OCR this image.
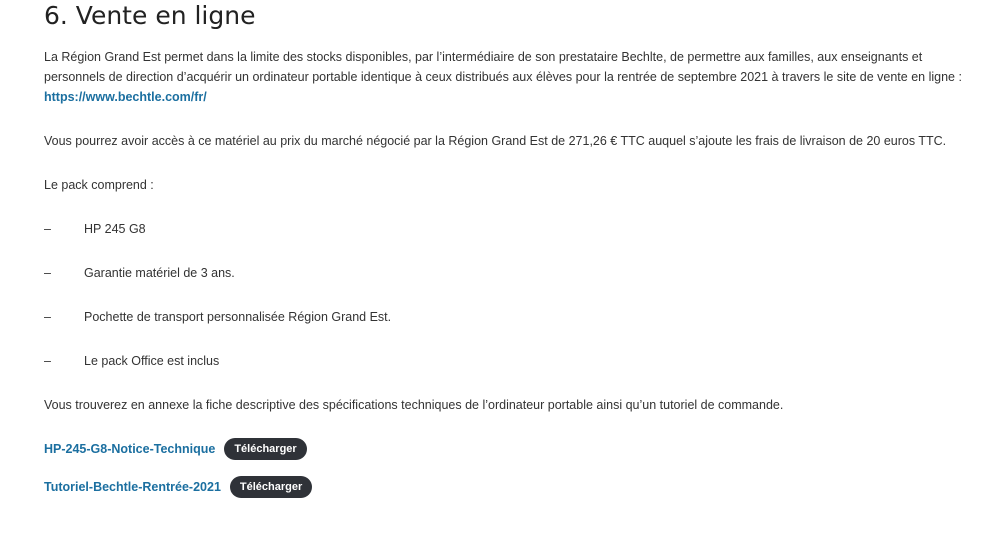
6. Vente en ligne

La Région Grand Est permet dans la limite des stocks disponibles, par l’intermédiaire de son prestataire Bechlte, de permettre aux familles, aux enseignants et personnels de direction d’acquérir un ordinateur portable identique à ceux distribués aux élèves pour la rentrée de septembre 2021 à travers le site de vente en ligne :
https://www.bechtle.com/fr/

Vous pourrez avoir accès à ce matériel au prix du marché négocié par la Région Grand Est de 271,26 € TTC auquel s’ajoute les frais de livraison de 20 euros TTC.

Le pack comprend :

–	HP 245 G8
–	Garantie matériel de 3 ans.
–	Pochette de transport personnalisée Région Grand Est.
–	Le pack Office est inclus

Vous trouverez en annexe la fiche descriptive des spécifications techniques de l’ordinateur portable ainsi qu’un tutoriel de commande.

HP-245-G8-Notice-Technique	Télécharger
Tutoriel-Bechtle-Rentrée-2021	Télécharger
